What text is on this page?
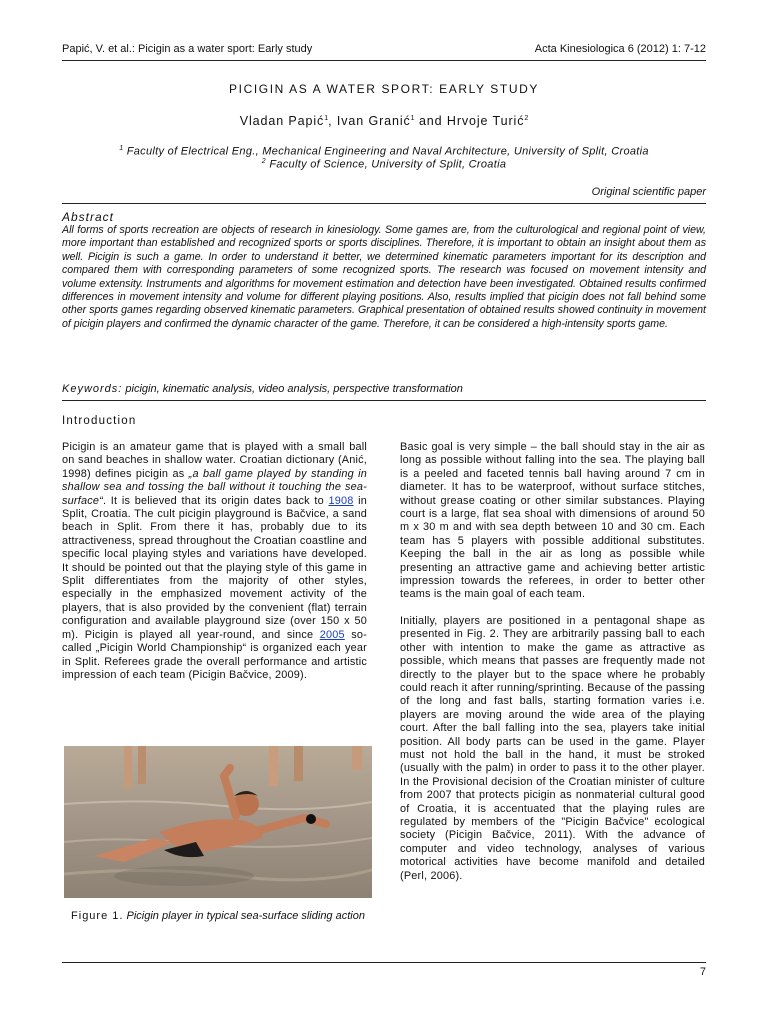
Papić, V. et al.: Picigin as a water sport: Early study	Acta Kinesiologica 6 (2012) 1: 7-12
PICIGIN AS A WATER SPORT: EARLY STUDY
Vladan Papić$^1$, Ivan Granić$^1$ and Hrvoje Turić$^2$
$^1$ Faculty of Electrical Eng., Mechanical Engineering and Naval Architecture, University of Split, Croatia
$^2$ Faculty of Science, University of Split, Croatia
Original scientific paper
Abstract
All forms of sports recreation are objects of research in kinesiology. Some games are, from the culturological and regional point of view, more important than established and recognized sports or sports disciplines. Therefore, it is important to obtain an insight about them as well. Picigin is such a game. In order to understand it better, we determined kinematic parameters important for its description and compared them with corresponding parameters of some recognized sports. The research was focused on movement intensity and volume extensity. Instruments and algorithms for movement estimation and detection have been investigated. Obtained results confirmed differences in movement intensity and volume for different playing positions. Also, results implied that picigin does not fall behind some other sports games regarding observed kinematic parameters. Graphical presentation of obtained results showed continuity in movement of picigin players and confirmed the dynamic character of the game. Therefore, it can be considered a high-intensity sports game.
Keywords: picigin, kinematic analysis, video analysis, perspective transformation
Introduction

Picigin is an amateur game that is played with a small ball on sand beaches in shallow water. Croatian dictionary (Anić, 1998) defines picigin as „a ball game played by standing in shallow sea and tossing the ball without it touching the sea-surface“. It is believed that its origin dates back to 1908 in Split, Croatia. The cult picigin playground is Bačvice, a sand beach in Split. From there it has, probably due to its attractiveness, spread throughout the Croatian coastline and specific local playing styles and variations have developed. It should be pointed out that the playing style of this game in Split differentiates from the majority of other styles, especially in the emphasized movement activity of the players, that is also provided by the convenient (flat) terrain configuration and available playground size (over 150 x 50 m). Picigin is played all year-round, and since 2005 so-called „Picigin World Championship“ is organized each year in Split. Referees grade the overall performance and artistic impression of each team (Picigin Bačvice, 2009).

Figure 1. Picigin player in typical sea-surface sliding action

Basic goal is very simple – the ball should stay in the air as long as possible without falling into the sea. The playing ball is a peeled and faceted tennis ball having around 7 cm in diameter. It has to be waterproof, without surface stitches, without grease coating or other similar substances. Playing court is a large, flat sea shoal with dimensions of around 50 m x 30 m and with sea depth between 10 and 30 cm. Each team has 5 players with possible additional substitutes. Keeping the ball in the air as long as possible while presenting an attractive game and achieving better artistic impression towards the referees, in order to better other teams is the main goal of each team.

Initially, players are positioned in a pentagonal shape as presented in Fig. 2. They are arbitrarily passing ball to each other with intention to make the game as attractive as possible, which means that passes are frequently made not directly to the player but to the space where he probably could reach it after running/sprinting. Because of the passing of the long and fast balls, starting formation varies i.e. players are moving around the wide area of the playing court. After the ball falling into the sea, players take initial position. All body parts can be used in the game. Player must not hold the ball in the hand, it must be stroked (usually with the palm) in order to pass it to the other player. In the Provisional decision of the Croatian minister of culture from 2007 that protects picigin as nonmaterial cultural good of Croatia, it is accentuated that the playing rules are regulated by members of the "Picigin Bačvice" ecological society (Picigin Bačvice, 2011). With the advance of computer and video technology, analyses of various motorical activities have become manifold and detailed (Perl, 2006).

7
